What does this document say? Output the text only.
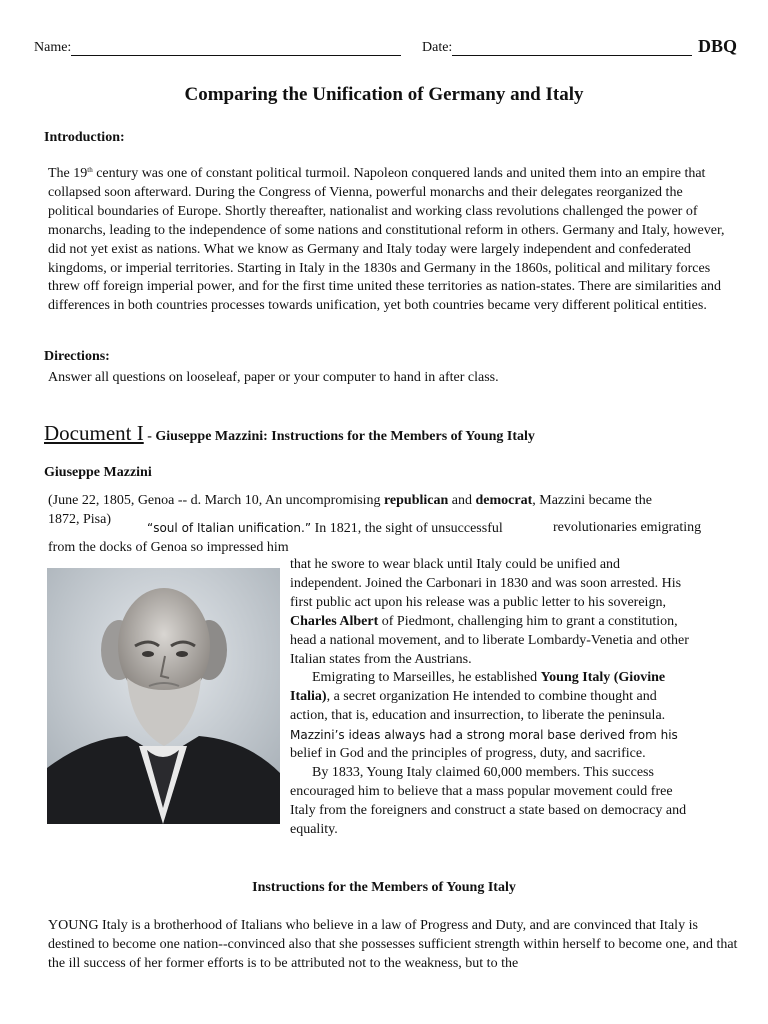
Name:	Date:	DBQ
Comparing the Unification of Germany and Italy
Introduction:
The 19th century was one of constant political turmoil. Napoleon conquered lands and united them into an empire that collapsed soon afterward. During the Congress of Vienna, powerful monarchs and their delegates reorganized the political boundaries of Europe. Shortly thereafter, nationalist and working class revolutions challenged the power of monarchs, leading to the independence of some nations and constitutional reform in others. Germany and Italy, however, did not yet exist as nations. What we know as Germany and Italy today were largely independent and confederated kingdoms, or imperial territories. Starting in Italy in the 1830s and Germany in the 1860s, political and military forces threw off foreign imperial power, and for the first time united these territories as nation-states. There are similarities and differences in both countries processes towards unification, yet both countries became very different political entities.
Directions:
Answer all questions on looseleaf, paper or your computer to hand in after class.
Document I - Giuseppe Mazzini: Instructions for the Members of Young Italy
Giuseppe Mazzini
(June 22, 1805, Genoa -- d. March 10, An uncompromising republican and democrat, Mazzini became the
1872, Pisa)
“soul of Italian unification.” In 1821, the sight of unsuccessful	revolutionaries emigrating
from the docks of Genoa so impressed him
that he swore to wear black until Italy could be unified and
independent. Joined the Carbonari in 1830 and was soon arrested. His
first public act upon his release was a public letter to his sovereign,
Charles Albert of Piedmont, challenging him to grant a constitution,
head a national movement, and to liberate Lombardy-Venetia and other
Italian states from the Austrians.
Emigrating to Marseilles, he established Young Italy (Giovine
Italia), a secret organization He intended to combine thought and
action, that is, education and insurrection, to liberate the peninsula.
Mazzini’s ideas always had a strong moral base derived from his
belief in God and the principles of progress, duty, and sacrifice.
By 1833, Young Italy claimed 60,000 members. This success
encouraged him to believe that a mass popular movement could free
Italy from the foreigners and construct a state based on democracy and
equality.
Instructions for the Members of Young Italy
YOUNG Italy is a brotherhood of Italians who believe in a law of Progress and Duty, and are convinced that Italy is destined to become one nation--convinced also that she possesses sufficient strength within herself to become one, and that the ill success of her former efforts is to be attributed not to the weakness, but to the
